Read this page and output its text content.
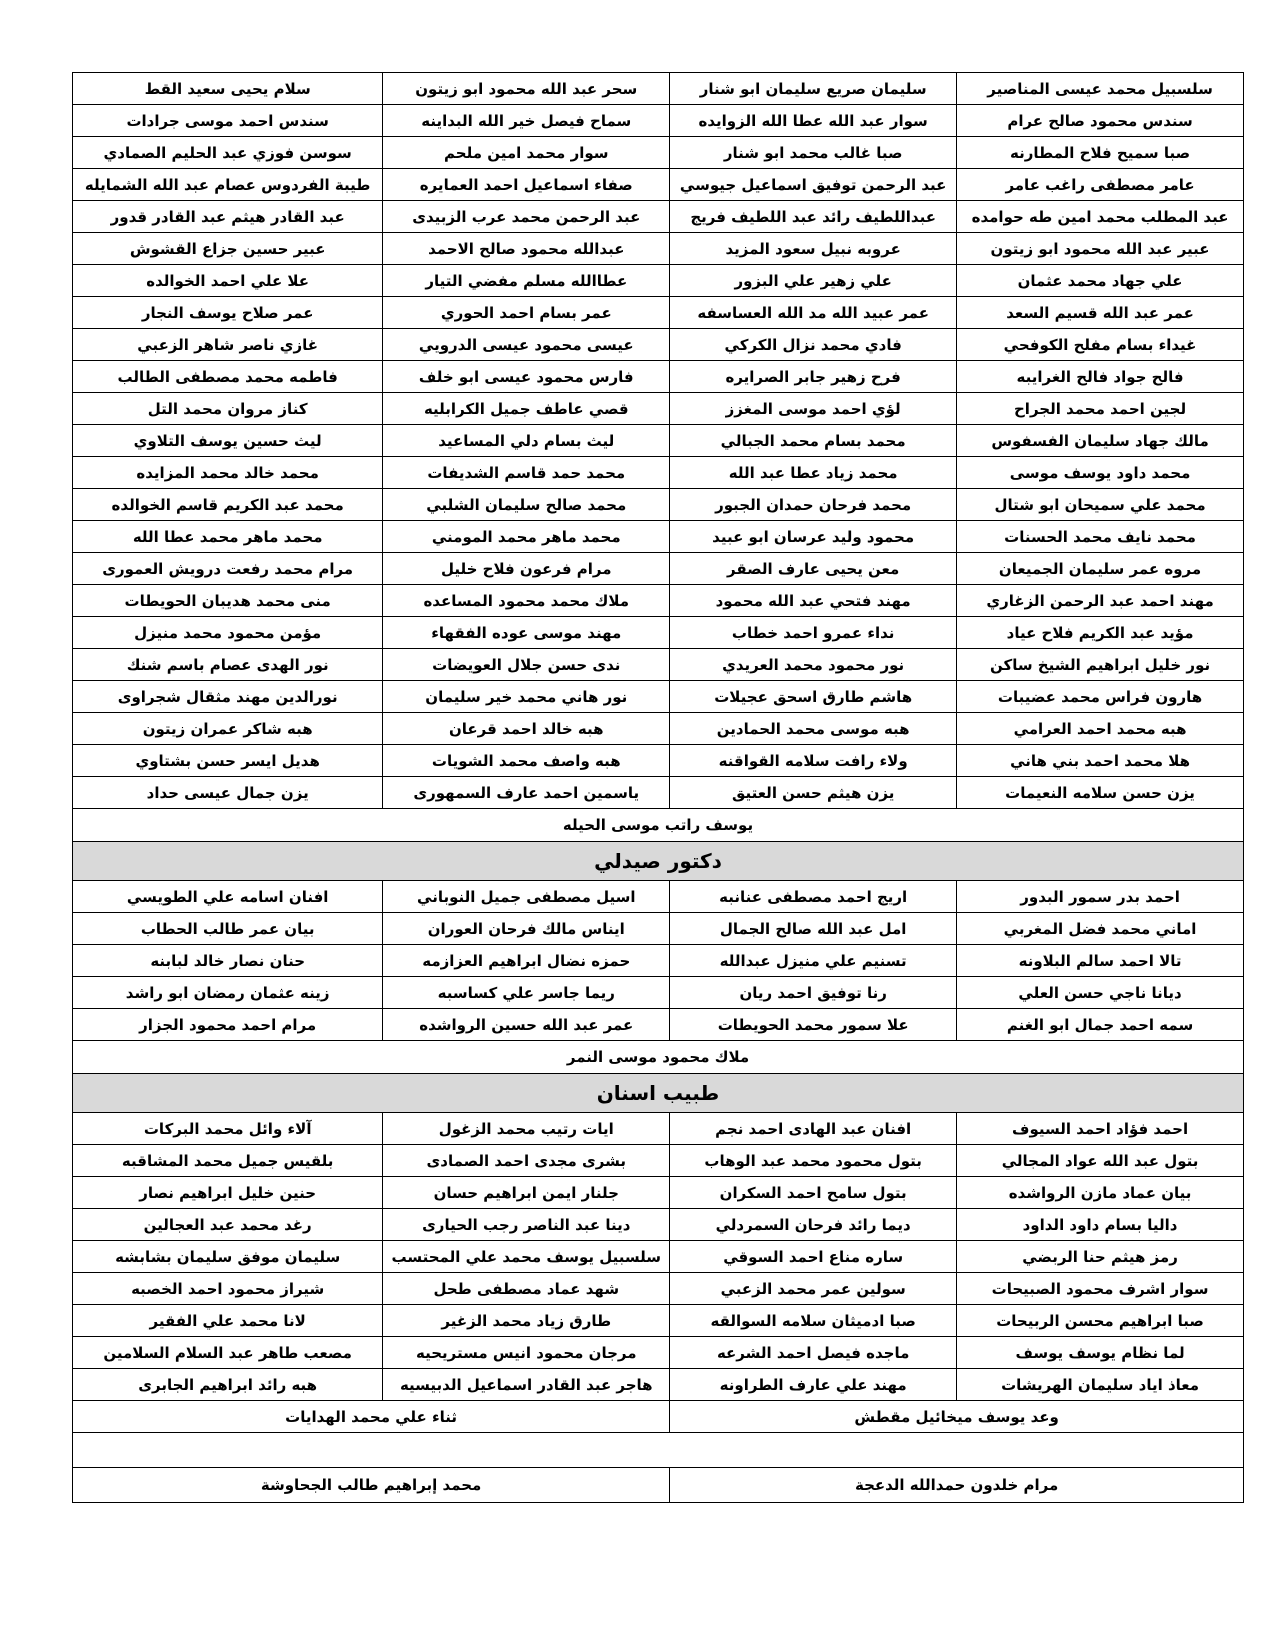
سلسبيل محمد عيسى المناصير	سليمان صريع سليمان ابو شنار	سحر عبد الله محمود ابو زيتون	سلام يحيى سعيد القط
سندس محمود صالح عرام	سوار عبد الله عطا الله الزوايده	سماح فيصل خير الله البداينه	سندس احمد موسى جرادات
صبا سميح فلاح المطارنه	صبا غالب محمد ابو شنار	سوار محمد امين ملحم	سوسن فوزي عبد الحليم الصمادي
عامر مصطفى راغب عامر	عبد الرحمن توفيق اسماعيل جيوسي	صفاء اسماعيل احمد العمايره	طيبة الفردوس عصام عبد الله الشمايله
عبد المطلب محمد امين طه حوامده	عبداللطيف رائد عبد اللطيف فريج	عبد الرحمن محمد عرب الزبيدى	عبد القادر هيثم عبد القادر قدور
عبير عبد الله محمود ابو زيتون	عروبه نبيل سعود المزيد	عبدالله محمود صالح الاحمد	عبير حسين جزاع القشوش
علي جهاد محمد عثمان	علي زهير علي البزور	عطاالله مسلم مفضي التيار	علا علي احمد الخوالده
عمر عبد الله قسيم السعد	عمر عبيد الله مد الله العساسفه	عمر بسام احمد الحوري	عمر صلاح يوسف النجار
غيداء بسام مفلح الكوفحي	فادي محمد نزال الكركي	عيسى محمود عيسى الدرويي	غازي ناصر شاهر الزعبي
فالح جواد فالح الغرايبه	فرح زهير جابر الصرايره	فارس محمود عيسى ابو خلف	فاطمه محمد مصطفى الطالب
لجين احمد محمد الجراح	لؤي احمد موسى المغزز	قصي عاطف جميل الكرابليه	كناز مروان محمد التل
مالك جهاد سليمان الفسفوس	محمد بسام محمد الجبالي	ليث بسام دلي المساعيد	ليث حسين يوسف التلاوي
محمد داود يوسف موسى	محمد زياد عطا عبد الله	محمد حمد قاسم الشديفات	محمد خالد محمد المزايده
محمد علي سميحان ابو شتال	محمد فرحان حمدان الجبور	محمد صالح سليمان الشلبي	محمد عبد الكريم قاسم الخوالده
محمد نايف محمد الحسنات	محمود وليد عرسان ابو عبيد	محمد ماهر محمد المومني	محمد ماهر محمد عطا الله
مروه عمر سليمان الجميعان	معن يحيى عارف الصقر	مرام فرعون فلاح خليل	مرام محمد رفعت درويش العمورى
مهند احمد عبد الرحمن الزغاري	مهند فتحي عبد الله محمود	ملاك محمد محمود المساعده	منى محمد هديبان الحويطات
مؤيد عبد الكريم فلاح عياد	نداء عمرو احمد خطاب	مهند موسى عوده الفقهاء	مؤمن محمود محمد منيزل
نور خليل ابراهيم الشيخ ساكن	نور محمود محمد العريدي	ندى حسن جلال العويضات	نور الهدى عصام باسم شنك
هارون فراس محمد عضيبات	هاشم طارق اسحق عجيلات	نور هاني محمد خير سليمان	نورالدين مهند مثقال شجراوى
هبه محمد احمد العرامي	هبه موسى محمد الحمادين	هبه خالد احمد قرعان	هبه شاكر عمران زيتون
هلا محمد احمد بني هاني	ولاء رافت سلامه القواقنه	هبه واصف محمد الشويات	هديل ايسر حسن بشتاوي
يزن حسن سلامه النعيمات	يزن هيثم حسن العتيق	ياسمين احمد عارف السمهورى	يزن جمال عيسى حداد
يوسف راتب موسى الحيله			
دكتور صيدلي			
احمد بدر سمور البدور	اريج احمد مصطفى عنانبه	اسيل مصطفى جميل النوباني	افنان اسامه علي الطويسي
اماني محمد فضل المغربي	امل عبد الله صالح الجمال	ايناس مالك فرحان العوران	بيان عمر طالب الحطاب
تالا احمد سالم البلاونه	تسنيم علي منيزل عبدالله	حمزه نضال ابراهيم العزازمه	حنان نصار خالد لبابنه
ديانا ناجي حسن العلي	رنا توفيق احمد ريان	ريما جاسر علي كساسبه	زينه عثمان رمضان ابو راشد
سمه احمد جمال ابو الغنم	علا سمور محمد الحويطات	عمر عبد الله حسين الرواشده	مرام احمد محمود الجزار
ملاك محمود موسى النمر			
طبيب اسنان			
احمد فؤاد احمد السيوف	افنان عبد الهادى احمد نجم	ايات رتيب محمد الزغول	آلاء وائل محمد البركات
بتول عبد الله عواد المجالي	بتول محمود محمد عبد الوهاب	بشرى مجدى احمد الصمادى	بلقيس جميل محمد المشاقبه
بيان عماد مازن الرواشده	بتول سامح احمد السكران	جلنار ايمن ابراهيم حسان	حنين خليل ابراهيم نصار
داليا بسام داود الداود	ديما رائد فرحان السمردلي	دينا عبد الناصر رجب الحيارى	رغد محمد عبد العجالين
رمز هيثم حنا الربضي	ساره مناع احمد السوقي	سلسبيل يوسف محمد علي المحتسب	سليمان موفق سليمان بشابشه
سوار اشرف محمود الصبيحات	سولين عمر محمد الزعبي	شهد عماد مصطفى طحل	شيراز محمود احمد الخصبه
صبا ابراهيم محسن الربيحات	صبا ادميثان سلامه السوالقه	طارق زياد محمد الزغير	لانا محمد علي الفقير
لما نظام يوسف يوسف	ماجده فيصل احمد الشرعه	مرجان محمود انيس مستريحيه	مصعب طاهر عبد السلام السلامين
معاذ اياد سليمان الهريشات	مهند علي عارف الطراونه	هاجر عبد القادر اسماعيل الدبيسيه	هبه رائد ابراهيم الجابرى
وعد يوسف ميخائيل مقطش		ثناء علي محمد الهدايات	

مرام خلدون حمدالله الدعجة	محمد إبراهيم طالب الجحاوشة
